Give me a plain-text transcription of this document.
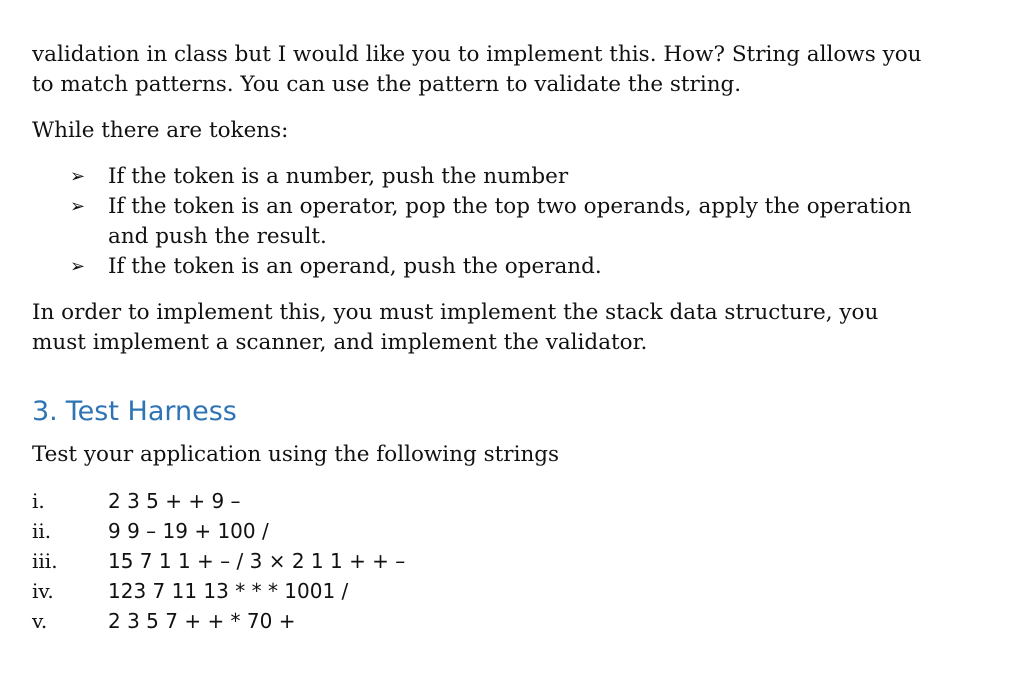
validation in class but I would like you to implement this. How? String allows you
to match patterns. You can use the pattern to validate the string.

While there are tokens:

➢ If the token is a number, push the number
➢ If the token is an operator, pop the top two operands, apply the operation
and push the result.
➢ If the token is an operand, push the operand.

In order to implement this, you must implement the stack data structure, you
must implement a scanner, and implement the validator.

3. Test Harness

Test your application using the following strings

i.	2 3 5 + + 9 –
ii.	9 9 – 19 + 100 /
iii.	15 7 1 1 + – / 3 × 2 1 1 + + –
iv.	123 7 11 13 * * * 1001 /
v.	2 3 5 7 + + * 70 +
